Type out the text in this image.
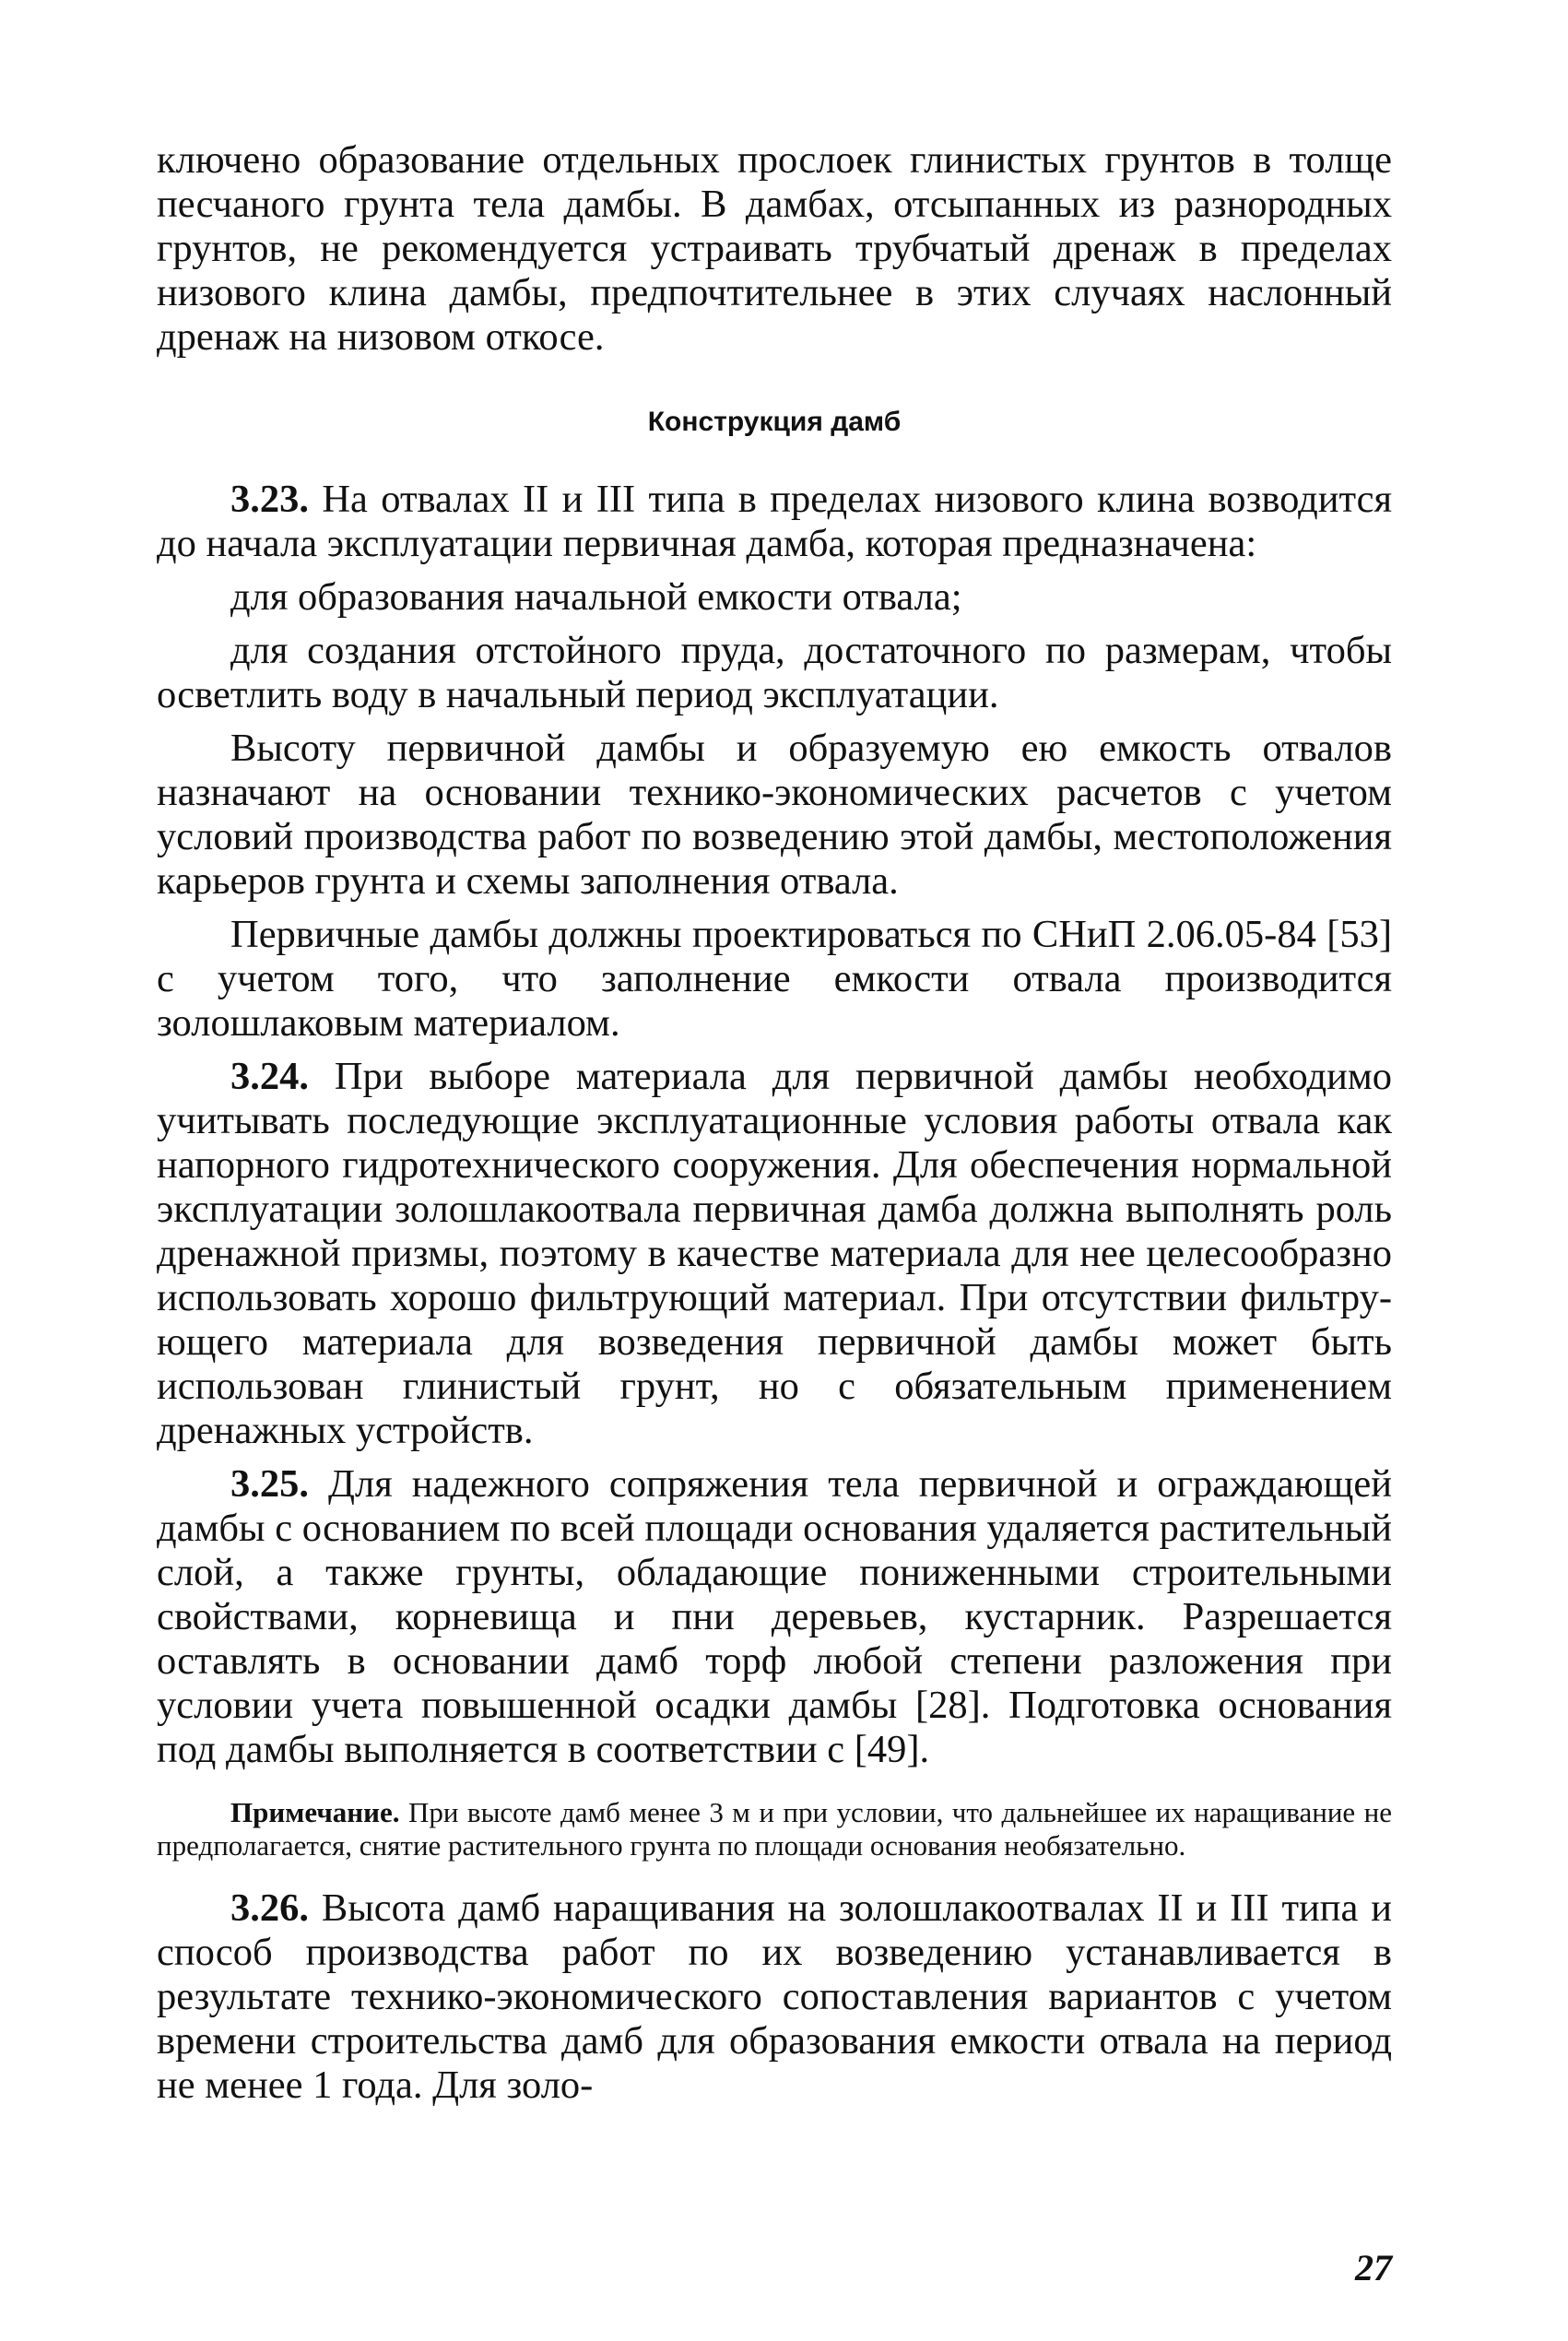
ключено образование отдельных прослоек глинистых грунтов в толще песчаного грунта тела дамбы. В дамбах, отсыпанных из разнородных грунтов, не рекомендуется устраивать трубчатый дренаж в пределах низового клина дамбы, предпочтительнее в этих случаях наслонный дренаж на низовом откосе.

Конструкция дамб

3.23. На отвалах II и III типа в пределах низового клина возводится до начала эксплуатации первичная дамба, которая предназначена:

для образования начальной емкости отвала;

для создания отстойного пруда, достаточного по размерам, чтобы осветлить воду в начальный период эксплуатации.

Высоту первичной дамбы и образуемую ею емкость отвалов назначают на основании технико-экономических расчетов с учетом условий производства работ по возведению этой дамбы, местоположения карьеров грунта и схемы заполнения отвала.

Первичные дамбы должны проектироваться по СНиП 2.06.05-84 [53] с учетом того, что заполнение емкости отвала производится золошлаковым материалом.

3.24. При выборе материала для первичной дамбы необходимо учитывать последующие эксплуатационные условия работы отвала как напорного гидротехнического сооружения. Для обеспечения нормальной эксплуатации золошлакоотвала первичная дамба должна выполнять роль дренажной призмы, поэтому в качестве материала для нее целесообразно использовать хорошо фильтрующий материал. При отсутствии фильтрующего материала для возведения первичной дамбы может быть использован глинистый грунт, но с обязательным применением дренажных устройств.

3.25. Для надежного сопряжения тела первичной и ограждающей дамбы с основанием по всей площади основания удаляется растительный слой, а также грунты, обладающие пониженными строительными свойствами, корневища и пни деревьев, кустарник. Разрешается оставлять в основании дамб торф любой степени разложения при условии учета повышенной осадки дамбы [28]. Подготовка основания под дамбы выполняется в соответствии с [49].

Примечание. При высоте дамб менее 3 м и при условии, что дальнейшее их наращивание не предполагается, снятие растительного грунта по площади основания необязательно.

3.26. Высота дамб наращивания на золошлакоотвалах II и III типа и способ производства работ по их возведению устанавливается в результате технико-экономического сопоставления вариантов с учетом времени строительства дамб для образования емкости отвала на период не менее 1 года. Для золо-

27
